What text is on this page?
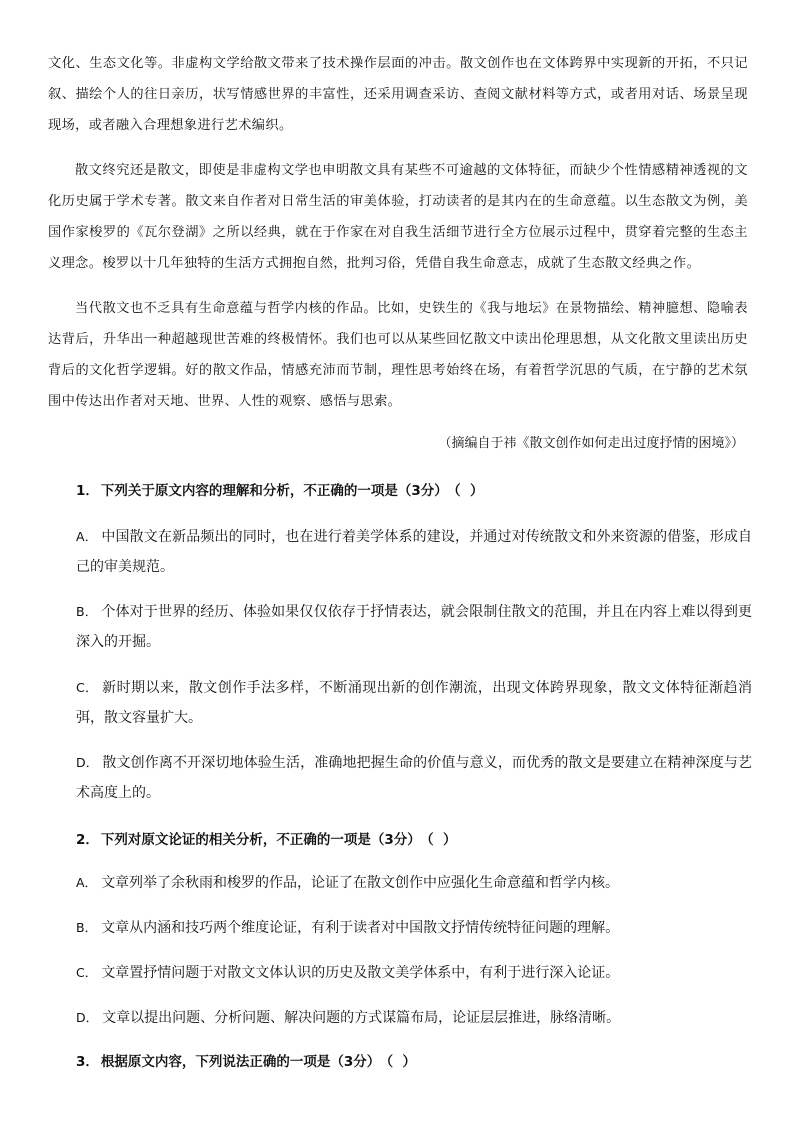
文化、生态文化等。非虚构文学给散文带来了技术操作层面的冲击。散文创作也在文体跨界中实现新的开拓，不只记叙、描绘个人的往日亲历，状写情感世界的丰富性，还采用调查采访、查阅文献材料等方式，或者用对话、场景呈现现场，或者融入合理想象进行艺术编织。

散文终究还是散文，即使是非虚构文学也申明散文具有某些不可逾越的文体特征，而缺少个性情感精神透视的文化历史属于学术专著。散文来自作者对日常生活的审美体验，打动读者的是其内在的生命意蕴。以生态散文为例，美国作家梭罗的《瓦尔登湖》之所以经典，就在于作家在对自我生活细节进行全方位展示过程中，贯穿着完整的生态主义理念。梭罗以十几年独特的生活方式拥抱自然，批判习俗，凭借自我生命意志，成就了生态散文经典之作。

当代散文也不乏具有生命意蕴与哲学内核的作品。比如，史铁生的《我与地坛》在景物描绘、精神臆想、隐喻表达背后，升华出一种超越现世苦难的终极情怀。我们也可以从某些回忆散文中读出伦理思想，从文化散文里读出历史背后的文化哲学逻辑。好的散文作品，情感充沛而节制，理性思考始终在场，有着哲学沉思的气质，在宁静的艺术氛围中传达出作者对天地、世界、人性的观察、感悟与思索。

（摘编自于祎《散文创作如何走出过度抒情的困境》）

1． 下列关于原文内容的理解和分析，不正确的一项是（3分） （  ）

A． 中国散文在新品频出的同时，也在进行着美学体系的建设，并通过对传统散文和外来资源的借鉴，形成自己的审美规范。

B． 个体对于世界的经历、体验如果仅仅依存于抒情表达，就会限制住散文的范围，并且在内容上难以得到更深入的开掘。

C． 新时期以来，散文创作手法多样，不断涌现出新的创作潮流，出现文体跨界现象，散文文体特征渐趋消弭，散文容量扩大。

D． 散文创作离不开深切地体验生活，准确地把握生命的价值与意义，而优秀的散文是要建立在精神深度与艺术高度上的。

2． 下列对原文论证的相关分析，不正确的一项是（3分） （  ）

A． 文章列举了余秋雨和梭罗的作品，论证了在散文创作中应强化生命意蕴和哲学内核。

B． 文章从内涵和技巧两个维度论证，有利于读者对中国散文抒情传统特征问题的理解。

C． 文章置抒情问题于对散文文体认识的历史及散文美学体系中，有利于进行深入论证。

D． 文章以提出问题、分析问题、解决问题的方式谋篇布局，论证层层推进，脉络清晰。

3． 根据原文内容，下列说法正确的一项是（3分） （  ）
